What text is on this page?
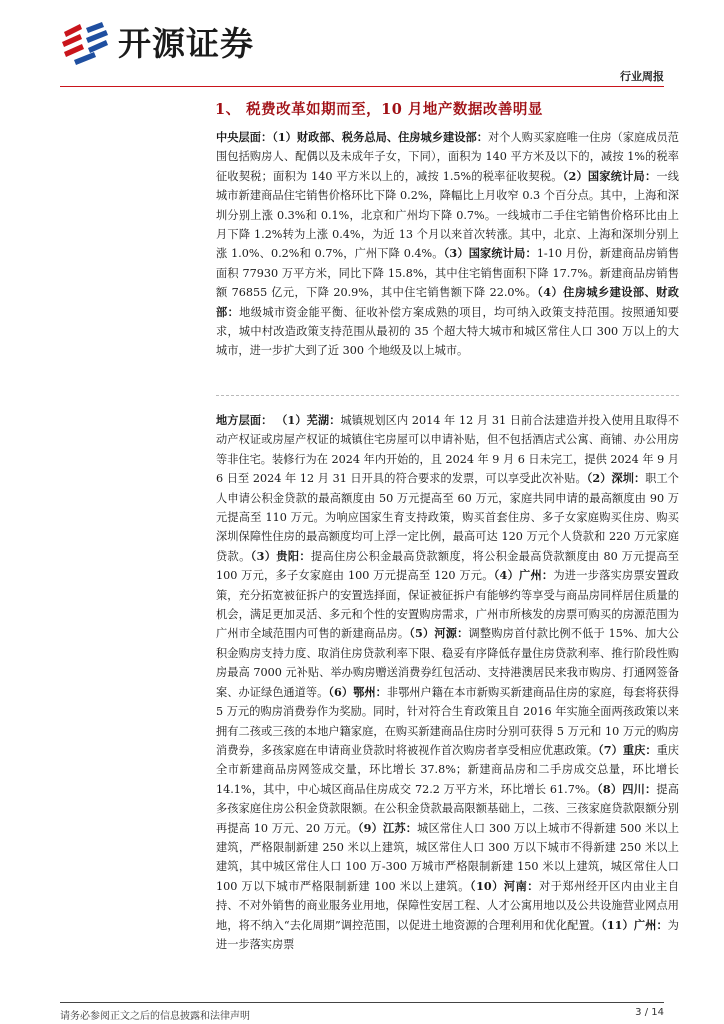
开源证券
行业周报
1、 税费改革如期而至，10 月地产数据改善明显

中央层面：（1）财政部、税务总局、住房城乡建设部：对个人购买家庭唯一住房（家庭成员范围包括购房人、配偶以及未成年子女，下同），面积为 140 平方米及以下的，减按 1%的税率征收契税；面积为 140 平方米以上的，减按 1.5%的税率征收契税。（2）国家统计局：一线城市新建商品住宅销售价格环比下降 0.2%，降幅比上月收窄 0.3 个百分点。其中，上海和深圳分别上涨 0.3%和 0.1%，北京和广州均下降 0.7%。一线城市二手住宅销售价格环比由上月下降 1.2%转为上涨 0.4%，为近 13 个月以来首次转涨。其中，北京、上海和深圳分别上涨 1.0%、0.2%和 0.7%，广州下降 0.4%。（3）国家统计局：1-10 月份，新建商品房销售面积 77930 万平方米，同比下降 15.8%，其中住宅销售面积下降 17.7%。新建商品房销售额 76855 亿元，下降 20.9%，其中住宅销售额下降 22.0%。（4）住房城乡建设部、财政部：地级城市资金能平衡、征收补偿方案成熟的项目，均可纳入政策支持范围。按照通知要求，城中村改造政策支持范围从最初的 35 个超大特大城市和城区常住人口 300 万以上的大城市，进一步扩大到了近 300 个地级及以上城市。

地方层面： （1）芜湖：城镇规划区内 2014 年 12 月 31 日前合法建造并投入使用且取得不动产权证或房屋产权证的城镇住宅房屋可以申请补贴，但不包括酒店式公寓、商铺、办公用房等非住宅。装修行为在 2024 年内开始的，且 2024 年 9 月 6 日未完工，提供 2024 年 9 月 6 日至 2024 年 12 月 31 日开具的符合要求的发票，可以享受此次补贴。（2）深圳：职工个人申请公积金贷款的最高额度由 50 万元提高至 60 万元，家庭共同申请的最高额度由 90 万元提高至 110 万元。为响应国家生育支持政策，购买首套住房、多子女家庭购买住房、购买深圳保障性住房的最高额度均可上浮一定比例，最高可达 120 万元个人贷款和 220 万元家庭贷款。（3）贵阳：提高住房公积金最高贷款额度，将公积金最高贷款额度由 80 万元提高至 100 万元，多子女家庭由 100 万元提高至 120 万元。（4）广州：为进一步落实房票安置政策，充分拓宽被征拆户的安置选择面，保证被征拆户有能够约等享受与商品房同样居住质量的机会，满足更加灵活、多元和个性的安置购房需求，广州市所核发的房票可购买的房源范围为广州市全域范围内可售的新建商品房。（5）河源：调整购房首付款比例不低于 15%、加大公积金购房支持力度、取消住房贷款利率下限、稳妥有序降低存量住房贷款利率、推行阶段性购房最高 7000 元补贴、举办购房赠送消费券红包活动、支持港澳居民来我市购房、打通网签备案、办证绿色通道等。（6）鄂州：非鄂州户籍在本市新购买新建商品住房的家庭，每套将获得 5 万元的购房消费券作为奖励。同时，针对符合生育政策且自 2016 年实施全面两孩政策以来拥有二孩或三孩的本地户籍家庭，在购买新建商品住房时分别可获得 5 万元和 10 万元的购房消费券，多孩家庭在申请商业贷款时将被视作首次购房者享受相应优惠政策。（7）重庆：重庆全市新建商品房网签成交量，环比增长 37.8%；新建商品房和二手房成交总量，环比增长 14.1%，其中，中心城区商品住房成交 72.2 万平方米，环比增长 61.7%。（8）四川：提高多孩家庭住房公积金贷款限额。在公积金贷款最高限额基础上，二孩、三孩家庭贷款限额分别再提高 10 万元、20 万元。（9）江苏：城区常住人口 300 万以上城市不得新建 500 米以上建筑，严格限制新建 250 米以上建筑，城区常住人口 300 万以下城市不得新建 250 米以上建筑，其中城区常住人口 100 万-300 万城市严格限制新建 150 米以上建筑，城区常住人口 100 万以下城市严格限制新建 100 米以上建筑。（10）河南：对于郑州经开区内由业主自持、不对外销售的商业服务业用地，保障性安居工程、人才公寓用地以及公共设施营业网点用地，将不纳入“去化周期”调控范围，以促进土地资源的合理利用和优化配置。（11）广州：为进一步落实房票

请务必参阅正文之后的信息披露和法律声明	3 / 14
